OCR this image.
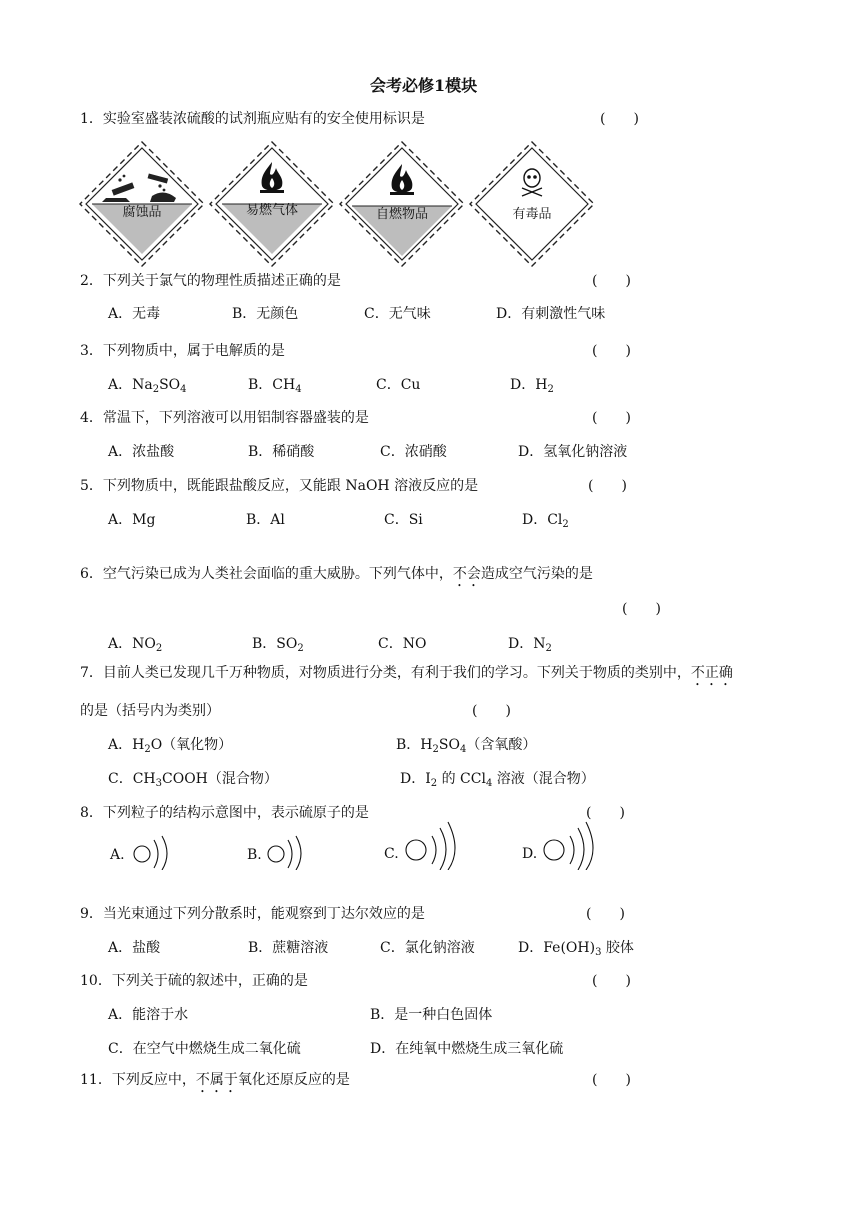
会考必修1模块
1．实验室盛装浓硫酸的试剂瓶应贴有的安全使用标识是	(　　)
腐蚀品	易燃气体	自燃物品	有毒品
2．下列关于氯气的物理性质描述正确的是	(　　)
A．无毒	B．无颜色	C．无气味	D．有刺激性气味
3．下列物质中，属于电解质的是	(　　)
A．$Na_2SO_4$	B．$CH_4$	C．Cu	D．$H_2$
4．常温下，下列溶液可以用铝制容器盛装的是	(　　)
A．浓盐酸	B．稀硝酸	C．浓硝酸	D．氢氧化钠溶液
5．下列物质中，既能跟盐酸反应，又能跟 NaOH 溶液反应的是	(　　)
A．Mg	B．Al	C．Si	D．$Cl_2$
6．空气污染已成为人类社会面临的重大威胁。下列气体中，不会造成空气污染的是
(　　)
A．$NO_2$	B．$SO_2$	C．NO	D．$N_2$
7．目前人类已发现几千万种物质，对物质进行分类，有利于我们的学习。下列关于物质的类别中，不正确
的是（括号内为类别）	(　　)
A．$H_2O$（氧化物）	B．$H_2SO_4$（含氧酸）
C．$CH_3COOH$（混合物）	D．$I_2$ 的 CCl$_4$ 溶液（混合物）
8．下列粒子的结构示意图中，表示硫原子的是	(　　)
A.	B.	C.	D.
9．当光束通过下列分散系时，能观察到丁达尔效应的是	(　　)
A．盐酸	B．蔗糖溶液	C．氯化钠溶液	D．$Fe(OH)_3$ 胶体
10．下列关于硫的叙述中，正确的是	(　　)
A．能溶于水	B．是一种白色固体
C．在空气中燃烧生成二氧化硫	D．在纯氧中燃烧生成三氧化硫
11．下列反应中，不属于氧化还原反应的是	(　　)
